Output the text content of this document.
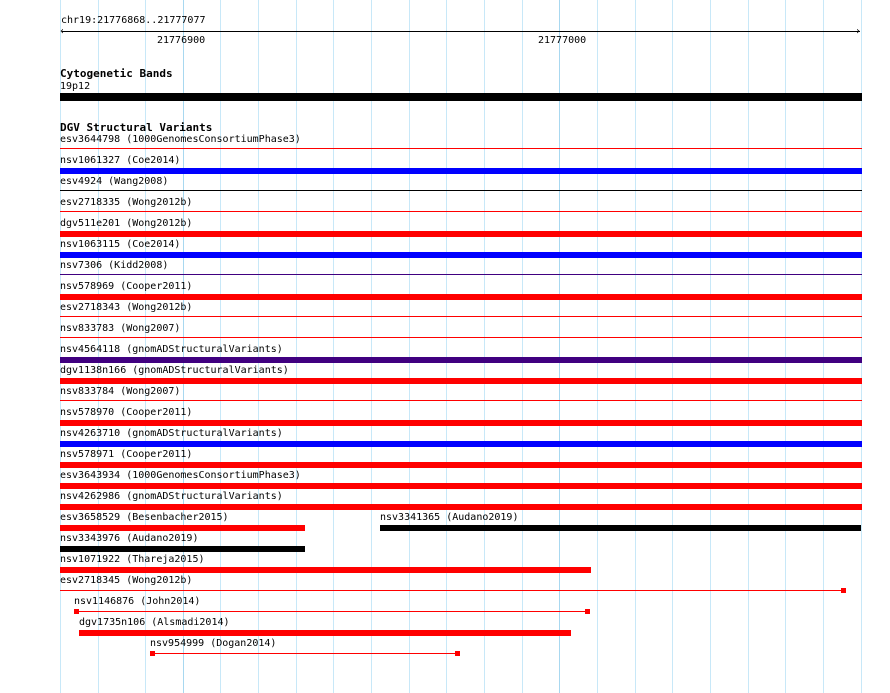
chr19:21776868..21777077
‹	›
21776900	21777000
Cytogenetic Bands
19p12
DGV Structural Variants
esv3644798 (1000GenomesConsortiumPhase3)
nsv1061327 (Coe2014)
esv4924 (Wang2008)
esv2718335 (Wong2012b)
dgv511e201 (Wong2012b)
nsv1063115 (Coe2014)
nsv7306 (Kidd2008)
nsv578969 (Cooper2011)
esv2718343 (Wong2012b)
nsv833783 (Wong2007)
nsv4564118 (gnomADStructuralVariants)
dgv1138n166 (gnomADStructuralVariants)
nsv833784 (Wong2007)
nsv578970 (Cooper2011)
nsv4263710 (gnomADStructuralVariants)
nsv578971 (Cooper2011)
esv3643934 (1000GenomesConsortiumPhase3)
nsv4262986 (gnomADStructuralVariants)
esv3658529 (Besenbacher2015)	nsv3341365 (Audano2019)
nsv3343976 (Audano2019)
nsv1071922 (Thareja2015)
esv2718345 (Wong2012b)
nsv1146876 (John2014)
dgv1735n106 (Alsmadi2014)
nsv954999 (Dogan2014)
